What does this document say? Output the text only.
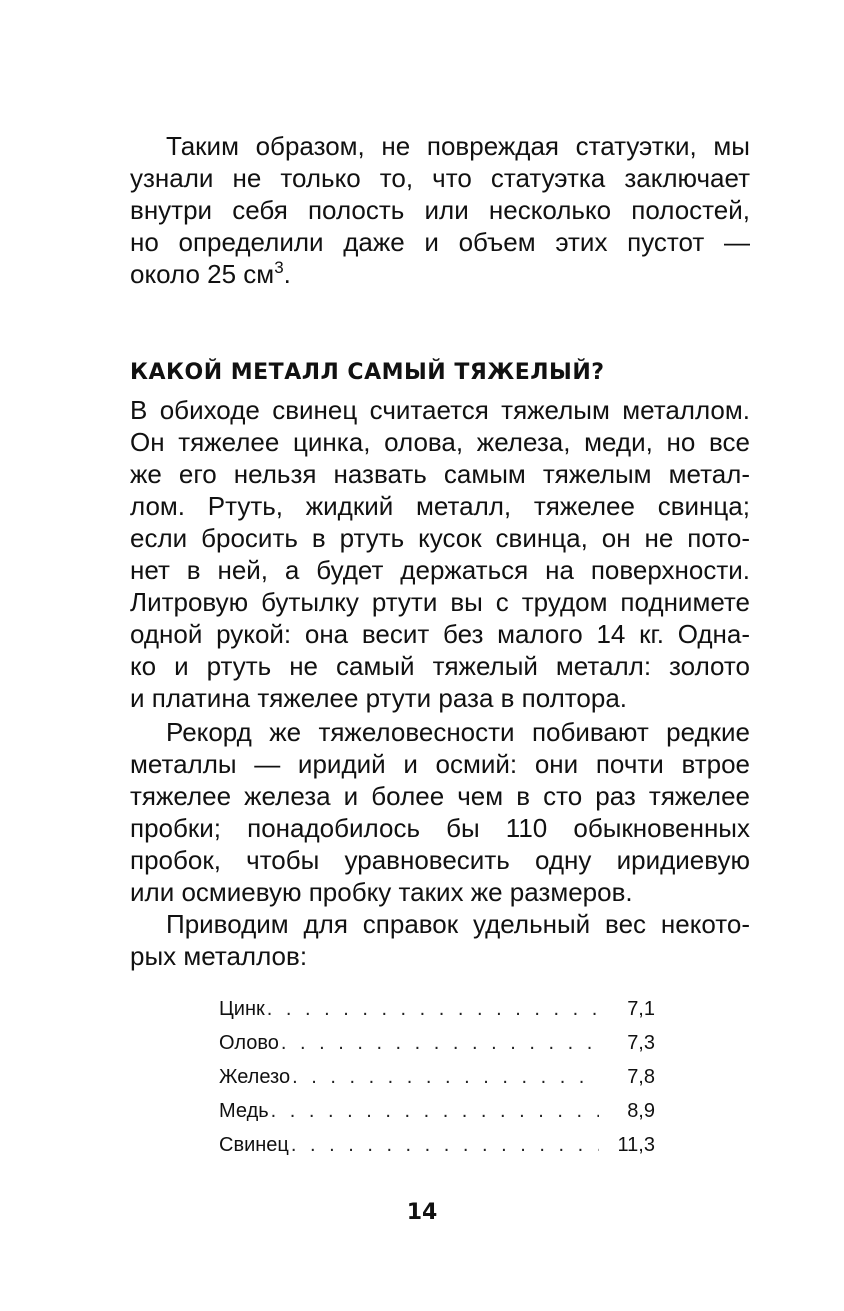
Таким образом, не повреждая статуэтки, мы
узнали не только то, что статуэтка заключает
внутри себя полость или несколько полостей,
но определили даже и объем этих пустот —
около 25 $см^3$.
КАКОЙ МЕТАЛЛ САМЫЙ ТЯЖЕЛЫЙ?
В обиходе свинец считается тяжелым металлом.
Он тяжелее цинка, олова, железа, меди, но все
же его нельзя назвать самым тяжелым метал-
лом. Ртуть, жидкий металл, тяжелее свинца;
если бросить в ртуть кусок свинца, он не пото-
нет в ней, а будет держаться на поверхности.
Литровую бутылку ртути вы с трудом поднимете
одной рукой: она весит без малого 14 кг. Одна-
ко и ртуть не самый тяжелый металл: золото
и платина тяжелее ртути раза в полтора.
Рекорд же тяжеловесности побивают редкие
металлы — иридий и осмий: они почти втрое
тяжелее железа и более чем в сто раз тяжелее
пробки; понадобилось бы 110 обыкновенных
пробок, чтобы уравновесить одну иридиевую
или осмиевую пробку таких же размеров.
Приводим для справок удельный вес некото-
рых металлов:
Цинк . . .	7,1
Олово . . .	7,3
Железо . . .	7,8
Медь . . .	8,9
Свинец . . .	11,3
14
